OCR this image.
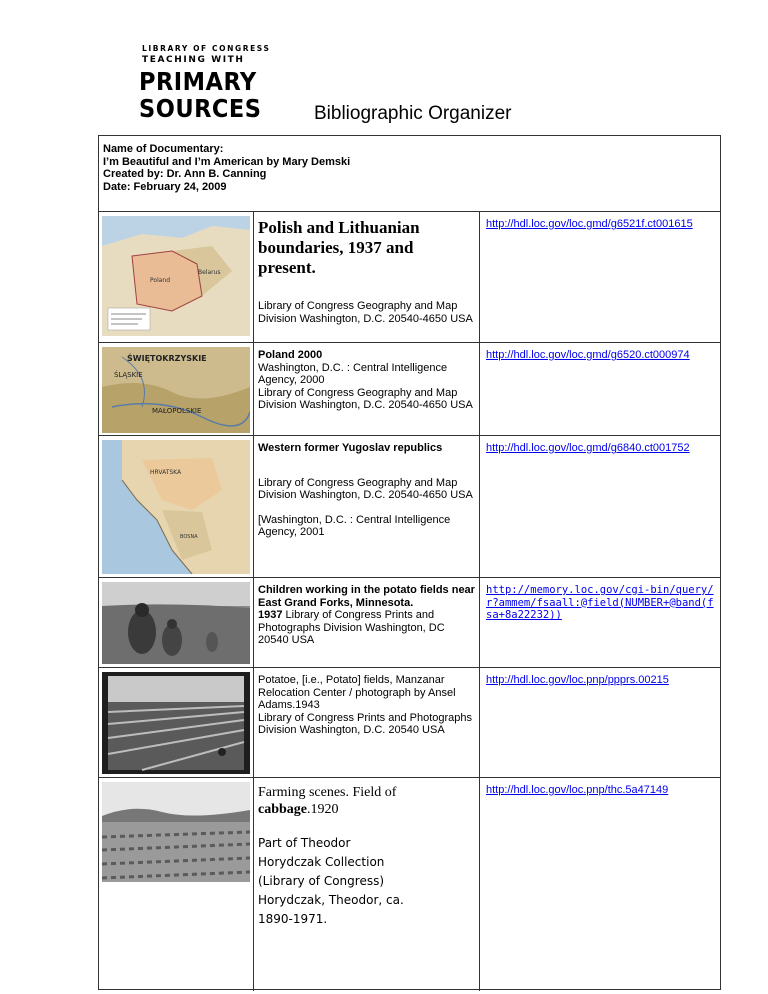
LIBRARY OF CONGRESS
TEACHING WITH
PRIMARY
SOURCES	Bibliographic Organizer
Name of Documentary:
I’m Beautiful and I’m American by Mary Demski
Created by: Dr. Ann B. Canning
Date: February 24, 2009
Poland
Belarus
Polish and Lithuanian boundaries, 1937 and present.
Library of Congress Geography and Map Division Washington, D.C. 20540-4650 USA
http://hdl.loc.gov/loc.gmd/g6521f.ct001615
ŚWIĘTOKRZYSKIE
ŚLĄSKIE
MAŁOPOLSKIE
Poland 2000
Washington, D.C. : Central Intelligence Agency, 2000
Library of Congress Geography and Map Division Washington, D.C. 20540-4650 USA
http://hdl.loc.gov/loc.gmd/g6520.ct000974
HRVATSKA
BOSNA
Western former Yugoslav republics
Library of Congress Geography and Map Division Washington, D.C. 20540-4650 USA
[Washington, D.C. : Central Intelligence Agency, 2001
http://hdl.loc.gov/loc.gmd/g6840.ct001752
Children working in the potato fields near East Grand Forks, Minnesota.
1937 Library of Congress Prints and Photographs Division Washington, DC 20540 USA
http://memory.loc.gov/cgi-bin/query/r?ammem/fsaall:@field(NUMBER+@band(fsa+8a22232))
Potatoe, [i.e., Potato] fields, Manzanar Relocation Center / photograph by Ansel Adams.1943
Library of Congress Prints and Photographs Division Washington, D.C. 20540 USA
http://hdl.loc.gov/loc.pnp/ppprs.00215
Farming scenes. Field of cabbage.1920
Part of Theodor Horydczak Collection (Library of Congress) Horydczak, Theodor, ca. 1890-1971.
http://hdl.loc.gov/loc.pnp/thc.5a47149
